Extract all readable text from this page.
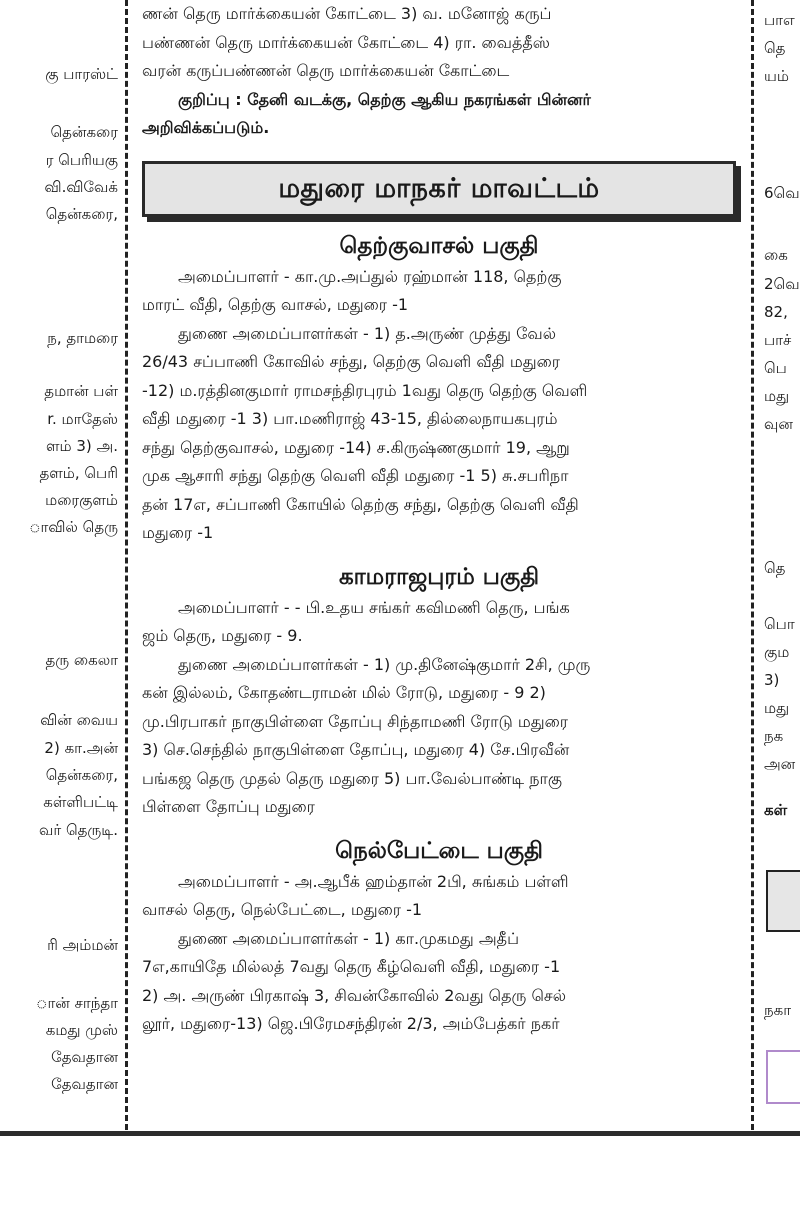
கு பாரஸ்ட்
தென்கரை
ர பெரியகு
வி.விவேக்
தென்கரை,
ந, தாமரை
தமான் பள்
r. மாதேஸ்
ளம் 3) அ.
தளம், பெரி
மரைகுளம்
ாவில் தெரு
தரு கைலா
வின் வைய
2) கா.அன்
தென்கரை,
கள்ளிபட்டி
வர் தெருடி.
ரி அம்மன்
ான் சாந்தா
கமது முஸ்
தேவதான
தேவதான

ணன் தெரு மார்க்கையன் கோட்டை 3) வ. மனோஜ் கருப்
பண்ணன் தெரு மார்க்கையன் கோட்டை 4) ரா. வைத்தீஸ்
வரன் கருப்பண்ணன் தெரு மார்க்கையன் கோட்டை

குறிப்பு : தேனி வடக்கு, தெற்கு ஆகிய நகரங்கள் பின்னர்
அறிவிக்கப்படும்.

மதுரை மாநகர் மாவட்டம்
தெற்குவாசல் பகுதி

அமைப்பாளர் - கா.மு.அப்துல் ரஹ்மான் 118, தெற்கு
மாரட் வீதி, தெற்கு வாசல், மதுரை -1

துணை அமைப்பாளர்கள் - 1) த.அருண் முத்து வேல்
26/43 சப்பாணி கோவில் சந்து, தெற்கு வெளி வீதி மதுரை
-12) ம.ரத்தினகுமார் ராமசந்திரபுரம் 1வது தெரு தெற்கு வெளி
வீதி மதுரை -1 3) பா.மணிராஜ் 43-15, தில்லைநாயகபுரம்
சந்து தெற்குவாசல், மதுரை -14) ச.கிருஷ்ணகுமார் 19, ஆறு
முக ஆசாரி சந்து தெற்கு வெளி வீதி மதுரை -1 5) சு.சபரிநா
தன் 17எ, சப்பாணி கோயில் தெற்கு சந்து, தெற்கு வெளி வீதி
மதுரை -1

காமராஜபுரம் பகுதி

அமைப்பாளர் - - பி.உதய சங்கர் கவிமணி தெரு, பங்க
ஜம் தெரு, மதுரை - 9.

துணை அமைப்பாளர்கள் - 1) மு.தினேஷ்குமார் 2சி, முரு
கன் இல்லம், கோதண்டராமன் மில் ரோடு, மதுரை - 9 2)
மு.பிரபாகர் நாகுபிள்ளை தோப்பு சிந்தாமணி ரோடு மதுரை
3) செ.செந்தில் நாகுபிள்ளை தோப்பு, மதுரை 4) சே.பிரவீன்
பங்கஜ தெரு முதல் தெரு மதுரை 5) பா.வேல்பாண்டி நாகு
பிள்ளை தோப்பு மதுரை

நெல்பேட்டை பகுதி

அமைப்பாளர் - அ.ஆபீக் ஹம்தான் 2பி, சுங்கம் பள்ளி
வாசல் தெரு, நெல்பேட்டை, மதுரை -1

துணை அமைப்பாளர்கள் - 1) கா.முகமது அதீப்
7எ,காயிதே மில்லத் 7வது தெரு கீழ்வெளி வீதி, மதுரை -1
2) அ. அருண் பிரகாஷ் 3, சிவன்கோவில் 2வது தெரு செல்
லூர், மதுரை-13) ஜெ.பிரேமசந்திரன் 2/3, அம்பேத்கர் நகர்

பாஎ
தெ
யம்
6வெ
கை
2வெ
82,
பாச்
பெ
மது
வுன
தெ
பொ
கும
3)
மது
நக
அன
கள்
நகா
